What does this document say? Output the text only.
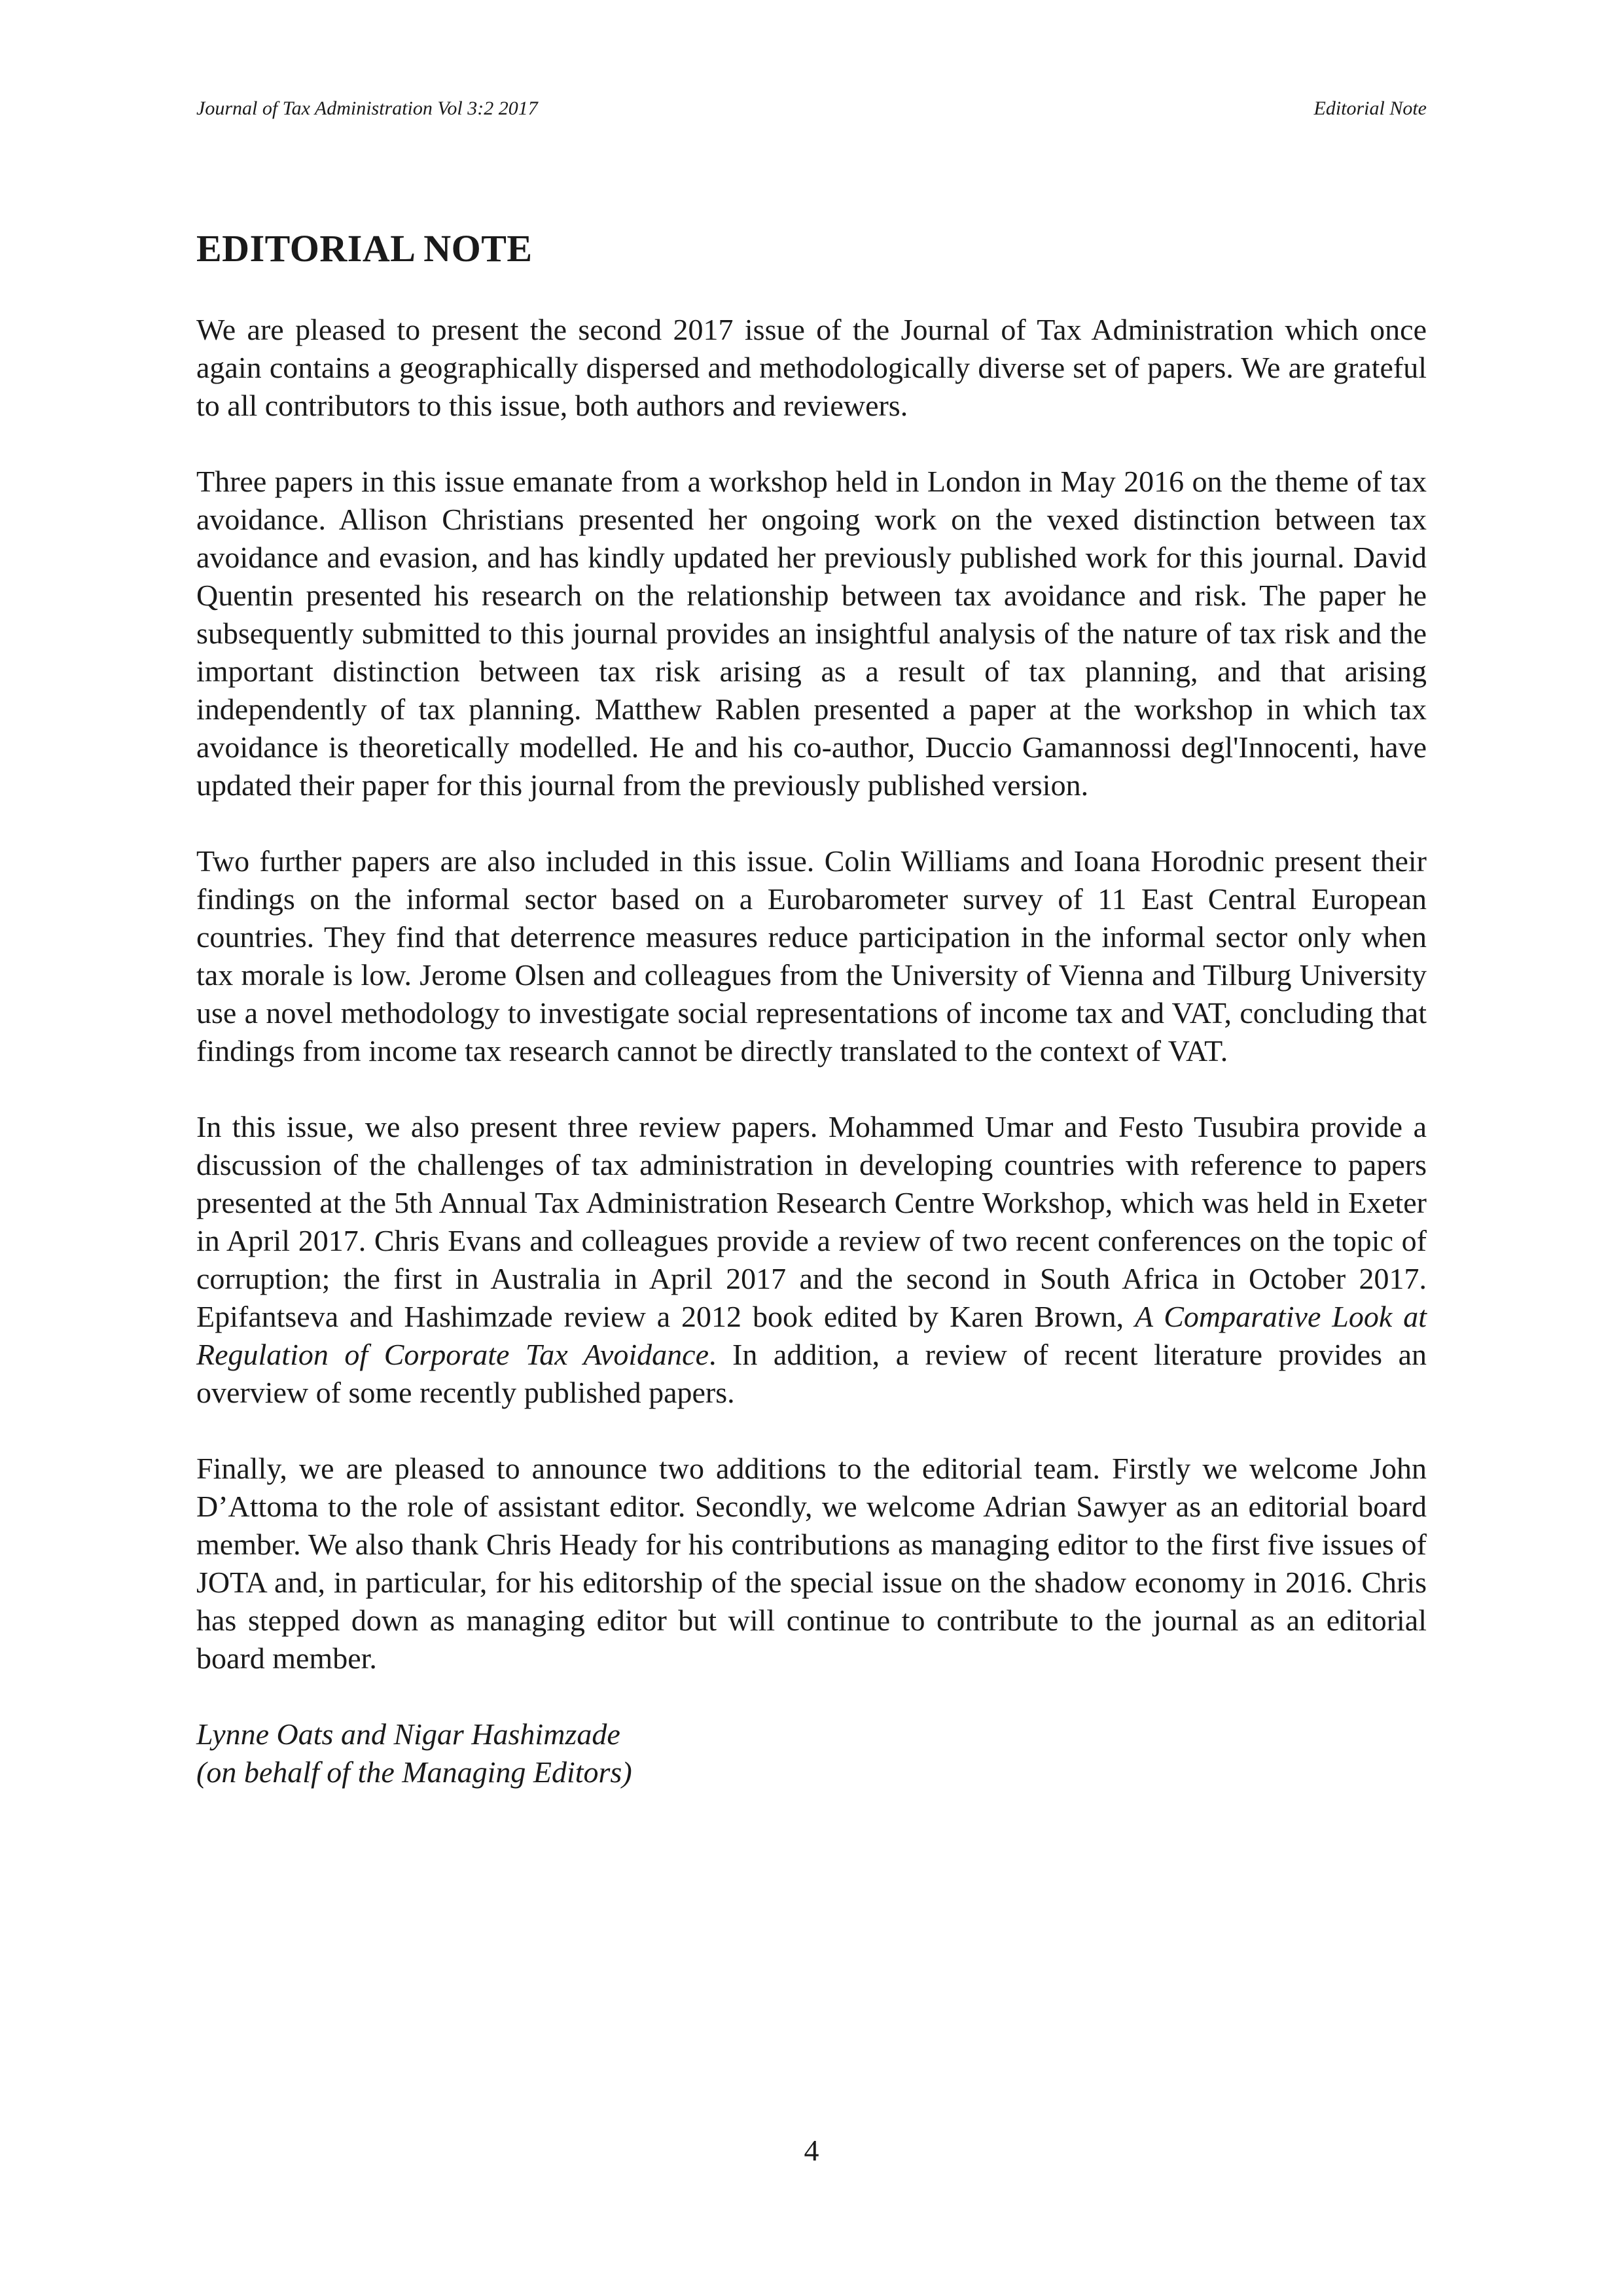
Journal of Tax Administration Vol 3:2 2017	Editorial Note
EDITORIAL NOTE

We are pleased to present the second 2017 issue of the Journal of Tax Administration which once again contains a geographically dispersed and methodologically diverse set of papers. We are grateful to all contributors to this issue, both authors and reviewers.

Three papers in this issue emanate from a workshop held in London in May 2016 on the theme of tax avoidance. Allison Christians presented her ongoing work on the vexed distinction between tax avoidance and evasion, and has kindly updated her previously published work for this journal. David Quentin presented his research on the relationship between tax avoidance and risk. The paper he subsequently submitted to this journal provides an insightful analysis of the nature of tax risk and the important distinction between tax risk arising as a result of tax planning, and that arising independently of tax planning. Matthew Rablen presented a paper at the workshop in which tax avoidance is theoretically modelled. He and his co-author, Duccio Gamannossi degl'Innocenti, have updated their paper for this journal from the previously published version.

Two further papers are also included in this issue. Colin Williams and Ioana Horodnic present their findings on the informal sector based on a Eurobarometer survey of 11 East Central European countries. They find that deterrence measures reduce participation in the informal sector only when tax morale is low. Jerome Olsen and colleagues from the University of Vienna and Tilburg University use a novel methodology to investigate social representations of income tax and VAT, concluding that findings from income tax research cannot be directly translated to the context of VAT.

In this issue, we also present three review papers. Mohammed Umar and Festo Tusubira provide a discussion of the challenges of tax administration in developing countries with reference to papers presented at the 5th Annual Tax Administration Research Centre Workshop, which was held in Exeter in April 2017. Chris Evans and colleagues provide a review of two recent conferences on the topic of corruption; the first in Australia in April 2017 and the second in South Africa in October 2017. Epifantseva and Hashimzade review a 2012 book edited by Karen Brown, A Comparative Look at Regulation of Corporate Tax Avoidance. In addition, a review of recent literature provides an overview of some recently published papers.

Finally, we are pleased to announce two additions to the editorial team. Firstly we welcome John D’Attoma to the role of assistant editor. Secondly, we welcome Adrian Sawyer as an editorial board member. We also thank Chris Heady for his contributions as managing editor to the first five issues of JOTA and, in particular, for his editorship of the special issue on the shadow economy in 2016. Chris has stepped down as managing editor but will continue to contribute to the journal as an editorial board member.

Lynne Oats and Nigar Hashimzade
(on behalf of the Managing Editors)
4
